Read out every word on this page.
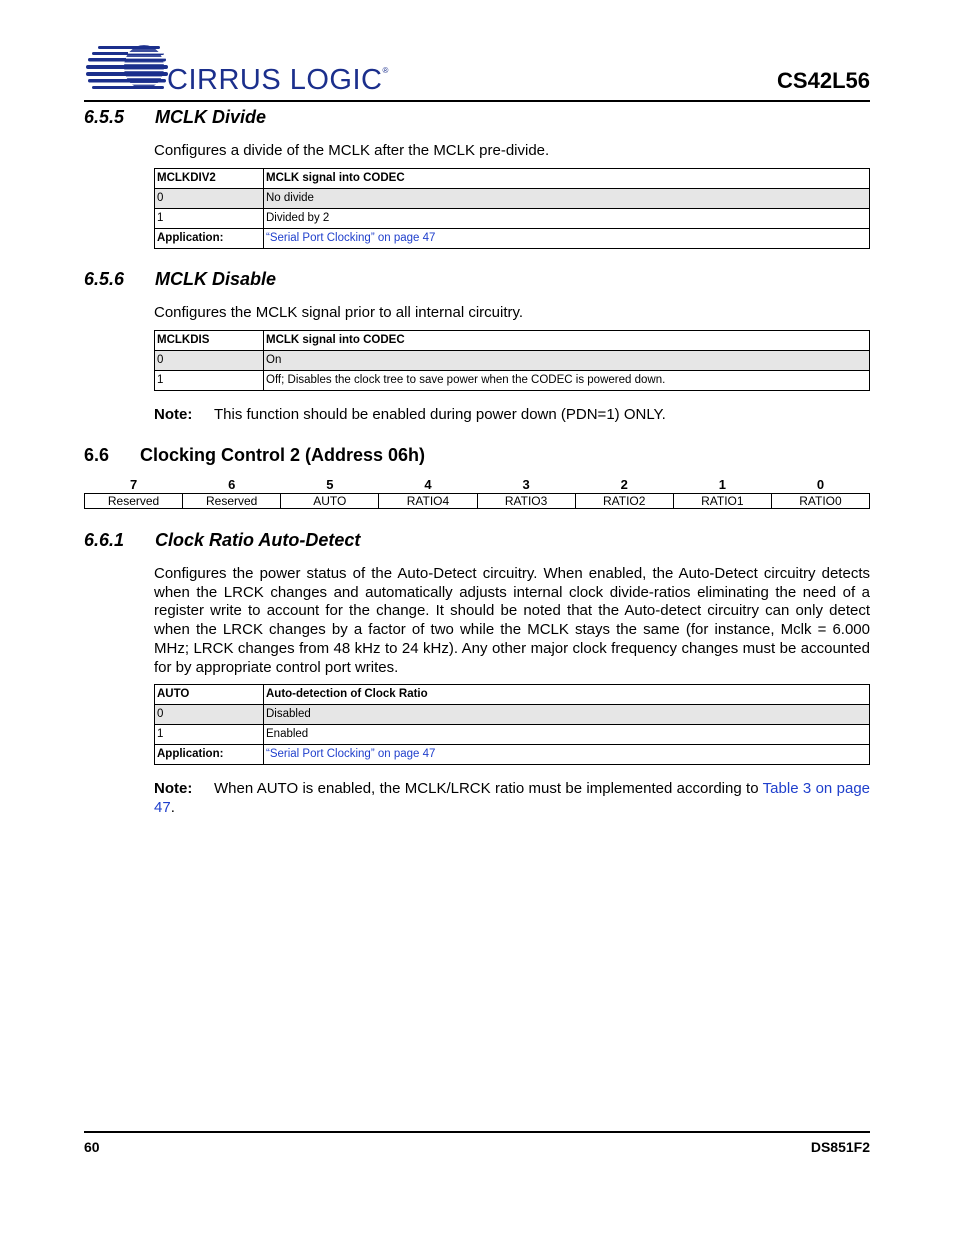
CIRRUS LOGIC®	CS42L56
6.5.5 MCLK Divide
Configures a divide of the MCLK after the MCLK pre-divide.
MCLKDIV2	MCLK signal into CODEC
0	No divide
1	Divided by 2
Application:	“Serial Port Clocking” on page 47
6.5.6 MCLK Disable
Configures the MCLK signal prior to all internal circuitry.
MCLKDIS	MCLK signal into CODEC
0	On
1	Off; Disables the clock tree to save power when the CODEC is powered down.
Note: This function should be enabled during power down (PDN=1) ONLY.
6.6 Clocking Control 2 (Address 06h)
7	6	5	4	3	2	1	0
Reserved	Reserved	AUTO	RATIO4	RATIO3	RATIO2	RATIO1	RATIO0
6.6.1 Clock Ratio Auto-Detect
Configures the power status of the Auto-Detect circuitry. When enabled, the Auto-Detect circuitry detects when the LRCK changes and automatically adjusts internal clock divide-ratios eliminating the need of a register write to account for the change. It should be noted that the Auto-detect circuitry can only detect when the LRCK changes by a factor of two while the MCLK stays the same (for instance, Mclk = 6.000 MHz; LRCK changes from 48 kHz to 24 kHz). Any other major clock frequency changes must be accounted for by appropriate control port writes.
AUTO	Auto-detection of Clock Ratio
0	Disabled
1	Enabled
Application:	“Serial Port Clocking” on page 47
Note: When AUTO is enabled, the MCLK/LRCK ratio must be implemented according to Table 3 on page 47.
60	DS851F2
